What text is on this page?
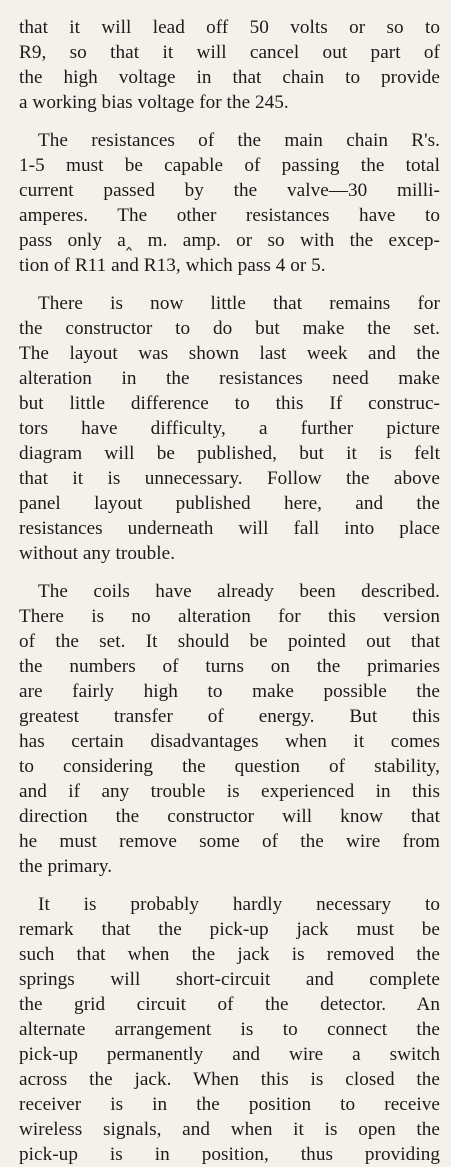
that it will lead off 50 volts or so to
R9, so that it will cancel out part of
the high voltage in that chain to provide
a working bias voltage for the 245.

The resistances of the main chain R's.
1-5 must be capable of passing the total
current passed by the valve—30 milli-
amperes. The other resistances have to
pass only a‸ m. amp. or so with the excep-
tion of R11 and R13, which pass 4 or 5.

There is now little that remains for
the constructor to do but make the set.
The layout was shown last week and the
alteration in the resistances need make
but little difference to this If construc-
tors have difficulty, a further picture
diagram will be published, but it is felt
that it is unnecessary. Follow the above
panel layout published here, and the
resistances underneath will fall into place
without any trouble.

The coils have already been described.
There is no alteration for this version
of the set. It should be pointed out that
the numbers of turns on the primaries
are fairly high to make possible the
greatest transfer of energy. But this
has certain disadvantages when it comes
to considering the question of stability,
and if any trouble is experienced in this
direction the constructor will know that
he must remove some of the wire from
the primary.

It is probably hardly necessary to
remark that the pick-up jack must be
such that when the jack is removed the
springs will short-circuit and complete
the grid circuit of the detector. An
alternate arrangement is to connect the
pick-up permanently and wire a switch
across the jack. When this is closed the
receiver is in the position to receive
wireless signals, and when it is open the
pick-up is in position, thus providing
